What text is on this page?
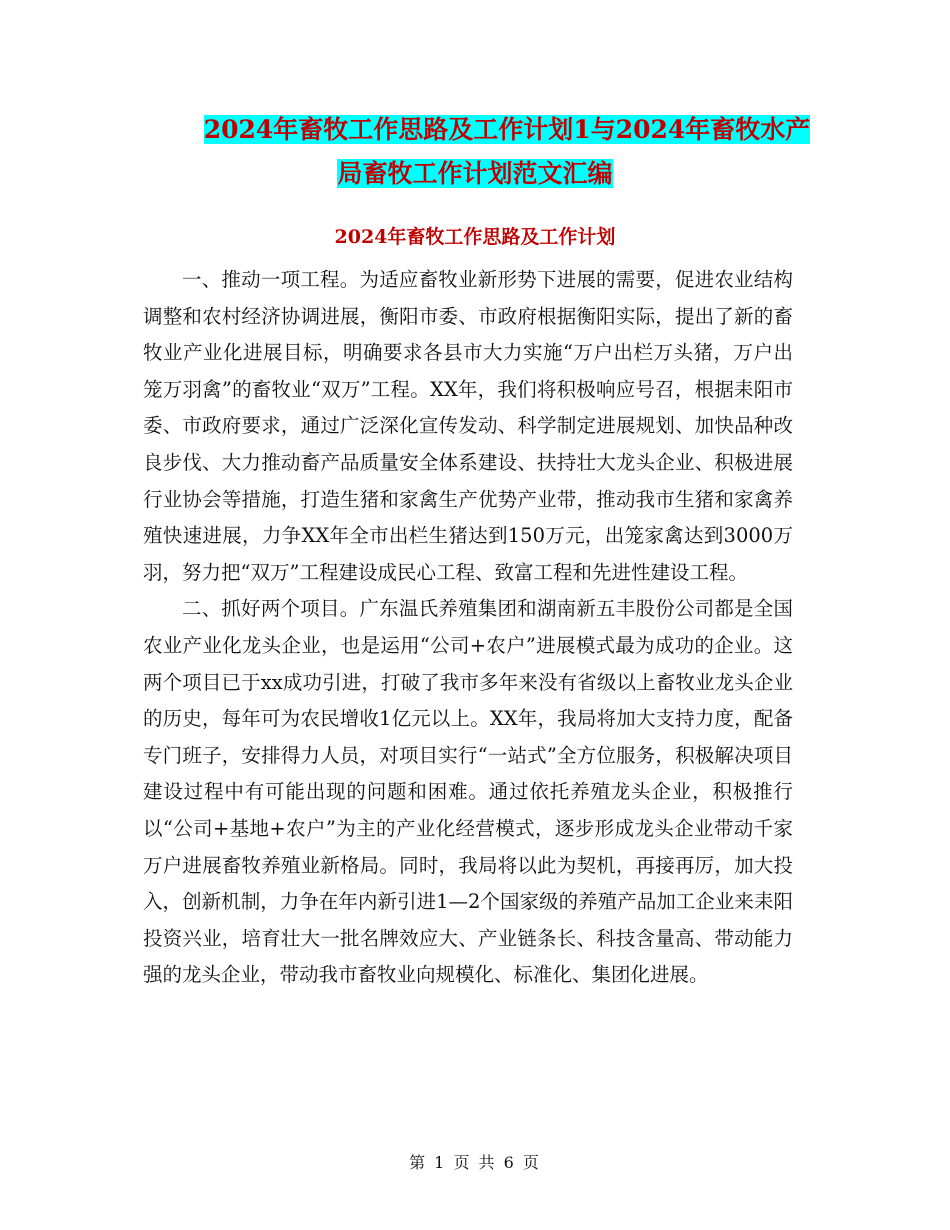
2024年畜牧工作思路及工作计划1与2024年畜牧水产
局畜牧工作计划范文汇编
2024年畜牧工作思路及工作计划

一、推动一项工程。为适应畜牧业新形势下进展的需要，促进农业结构调整和农村经济协调进展，衡阳市委、市政府根据衡阳实际，提出了新的畜牧业产业化进展目标，明确要求各县市大力实施“万户出栏万头猪，万户出笼万羽禽”的畜牧业“双万”工程。XX年，我们将积极响应号召，根据耒阳市委、市政府要求，通过广泛深化宣传发动、科学制定进展规划、加快品种改良步伐、大力推动畜产品质量安全体系建设、扶持壮大龙头企业、积极进展行业协会等措施，打造生猪和家禽生产优势产业带，推动我市生猪和家禽养殖快速进展，力争XX年全市出栏生猪达到150万元，出笼家禽达到3000万羽，努力把“双万”工程建设成民心工程、致富工程和先进性建设工程。

二、抓好两个项目。广东温氏养殖集团和湖南新五丰股份公司都是全国农业产业化龙头企业，也是运用“公司+农户”进展模式最为成功的企业。这两个项目已于xx成功引进，打破了我市多年来没有省级以上畜牧业龙头企业的历史，每年可为农民增收1亿元以上。XX年，我局将加大支持力度，配备专门班子，安排得力人员，对项目实行“一站式”全方位服务，积极解决项目建设过程中有可能出现的问题和困难。通过依托养殖龙头企业，积极推行以“公司+基地+农户”为主的产业化经营模式，逐步形成龙头企业带动千家万户进展畜牧养殖业新格局。同时，我局将以此为契机，再接再厉，加大投入，创新机制，力争在年内新引进1—2个国家级的养殖产品加工企业来耒阳投资兴业，培育壮大一批名牌效应大、产业链条长、科技含量高、带动能力强的龙头企业，带动我市畜牧业向规模化、标准化、集团化进展。

第 1 页 共 6 页
